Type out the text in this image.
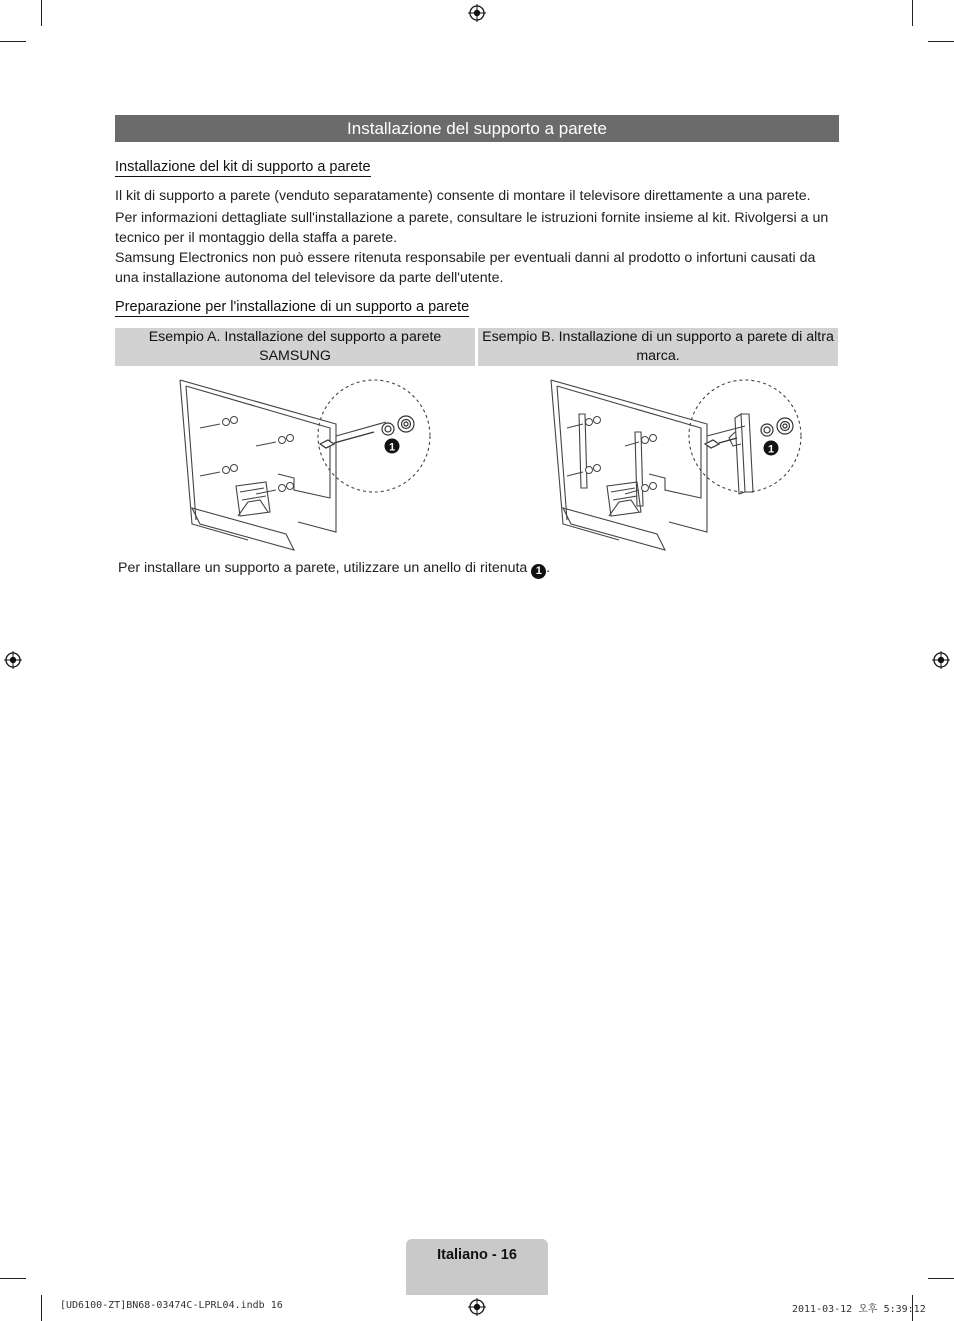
Installazione del supporto a parete
Installazione del kit di supporto a parete

Il kit di supporto a parete (venduto separatamente) consente di montare il televisore direttamente a una parete.

Per informazioni dettagliate sull'installazione a parete, consultare le istruzioni fornite insieme al kit. Rivolgersi a un tecnico per il montaggio della staffa a parete.

Samsung Electronics non può essere ritenuta responsabile per eventuali danni al prodotto o infortuni causati da una installazione autonoma del televisore da parte dell'utente.

Preparazione per l'installazione di un supporto a parete
Esempio A. Installazione del supporto a parete SAMSUNG
Esempio B. Installazione di un supporto a parete di altra marca.
1	1
Per installare un supporto a parete, utilizzare un anello di ritenuta 1 .
Italiano - 16
[UD6100-ZT]BN68-03474C-LPRL04.indb 16	2011-03-12 오후 5:39:12
